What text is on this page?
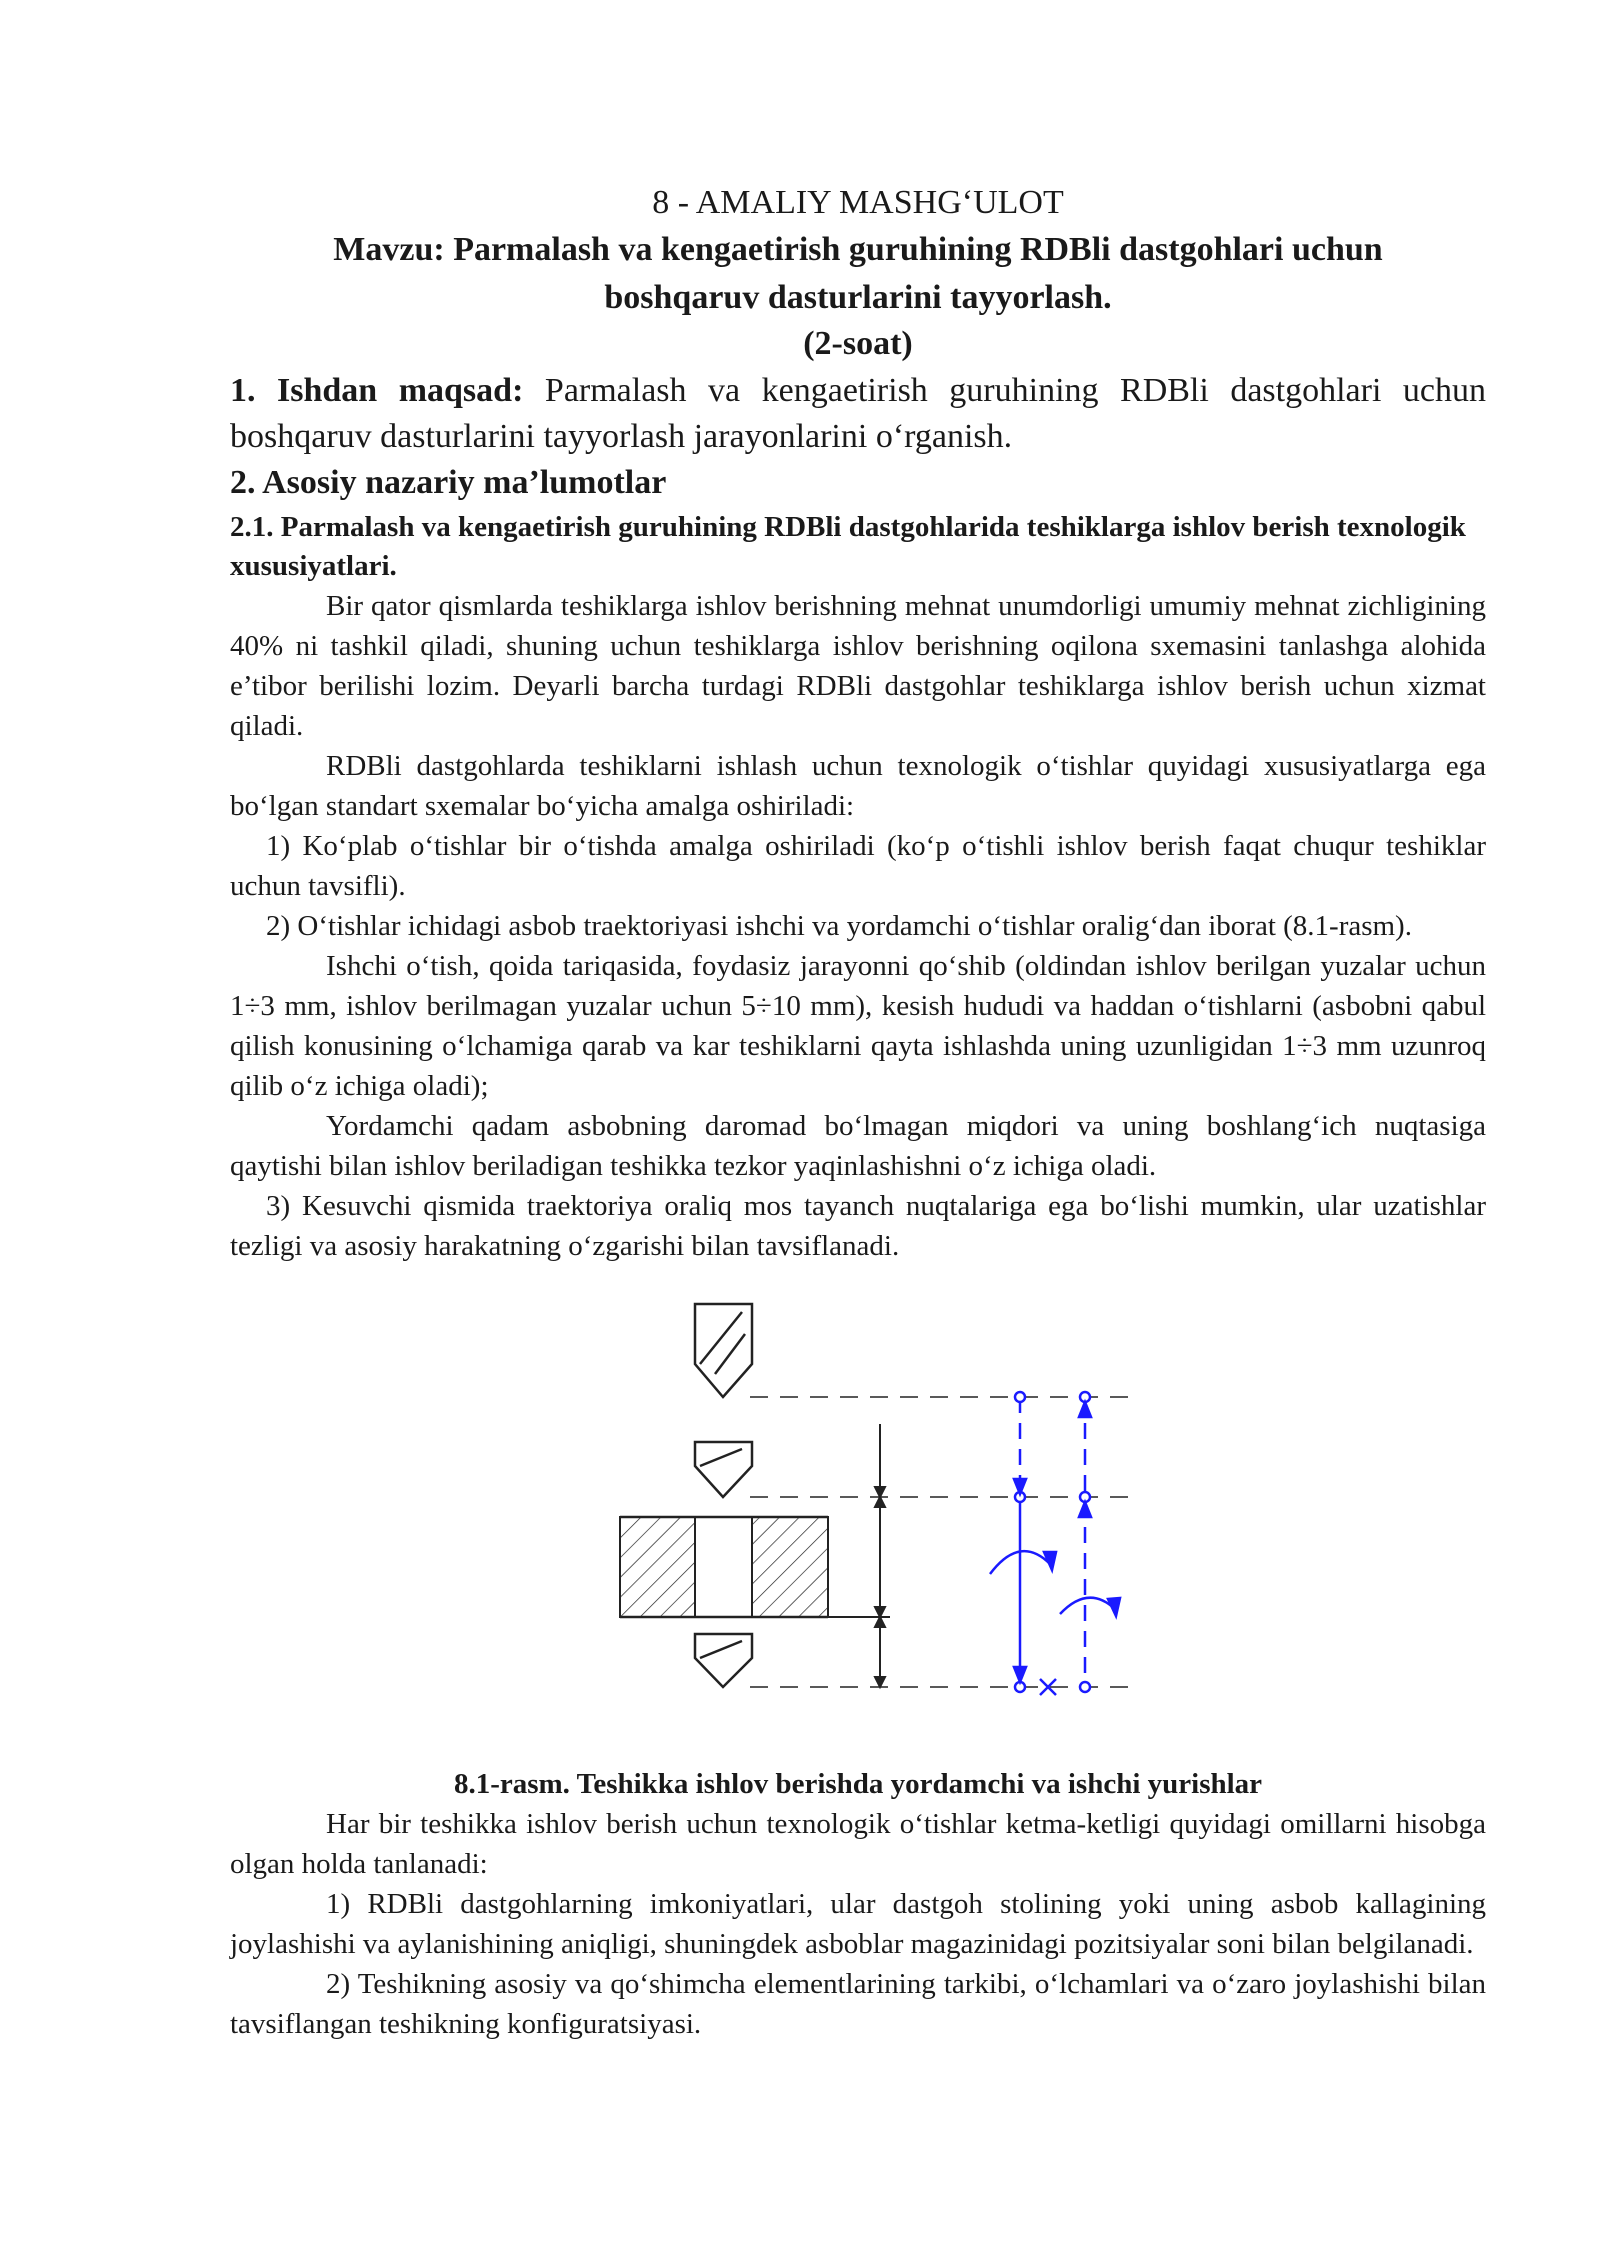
8 - AMALIY MASHG‘ULOT
Mavzu: Parmalash va kengaetirish guruhining RDBli dastgohlari uchun
boshqaruv dasturlarini tayyorlash.
(2-soat)

1. Ishdan maqsad: Parmalash va kengaetirish guruhining RDBli dastgohlari uchun boshqaruv dasturlarini tayyorlash jarayonlarini o‘rganish.

2. Asosiy nazariy ma’lumotlar
2.1. Parmalash va kengaetirish guruhining RDBli dastgohlarida teshiklarga ishlov berish texnologik xususiyatlari.

Bir qator qismlarda teshiklarga ishlov berishning mehnat unumdorligi umumiy mehnat zichligining 40% ni tashkil qiladi, shuning uchun teshiklarga ishlov berishning oqilona sxemasini tanlashga alohida e’tibor berilishi lozim. Deyarli barcha turdagi RDBli dastgohlar teshiklarga ishlov berish uchun xizmat qiladi.

RDBli dastgohlarda teshiklarni ishlash uchun texnologik o‘tishlar quyidagi xususiyatlarga ega bo‘lgan standart sxemalar bo‘yicha amalga oshiriladi:

1) Ko‘plab o‘tishlar bir o‘tishda amalga oshiriladi (ko‘p o‘tishli ishlov berish faqat chuqur teshiklar uchun tavsifli).

2) O‘tishlar ichidagi asbob traektoriyasi ishchi va yordamchi o‘tishlar oralig‘dan iborat (8.1-rasm).

Ishchi o‘tish, qoida tariqasida, foydasiz jarayonni qo‘shib (oldindan ishlov berilgan yuzalar uchun 1÷3 mm, ishlov berilmagan yuzalar uchun 5÷10 mm), kesish hududi va haddan o‘tishlarni (asbobni qabul qilish konusining o‘lchamiga qarab va kar teshiklarni qayta ishlashda uning uzunligidan 1÷3 mm uzunroq qilib o‘z ichiga oladi);

Yordamchi qadam asbobning daromad bo‘lmagan miqdori va uning boshlang‘ich nuqtasiga qaytishi bilan ishlov beriladigan teshikka tezkor yaqinlashishni o‘z ichiga oladi.

3) Kesuvchi qismida traektoriya oraliq mos tayanch nuqtalariga ega bo‘lishi mumkin, ular uzatishlar tezligi va asosiy harakatning o‘zgarishi bilan tavsiflanadi.

8.1-rasm. Teshikka ishlov berishda yordamchi va ishchi yurishlar

Har bir teshikka ishlov berish uchun texnologik o‘tishlar ketma-ketligi quyidagi omillarni hisobga olgan holda tanlanadi:

1) RDBli dastgohlarning imkoniyatlari, ular dastgoh stolining yoki uning asbob kallagining joylashishi va aylanishining aniqligi, shuningdek asboblar magazinidagi pozitsiyalar soni bilan belgilanadi.

2) Teshikning asosiy va qo‘shimcha elementlarining tarkibi, o‘lchamlari va o‘zaro joylashishi bilan tavsiflangan teshikning konfiguratsiyasi.
